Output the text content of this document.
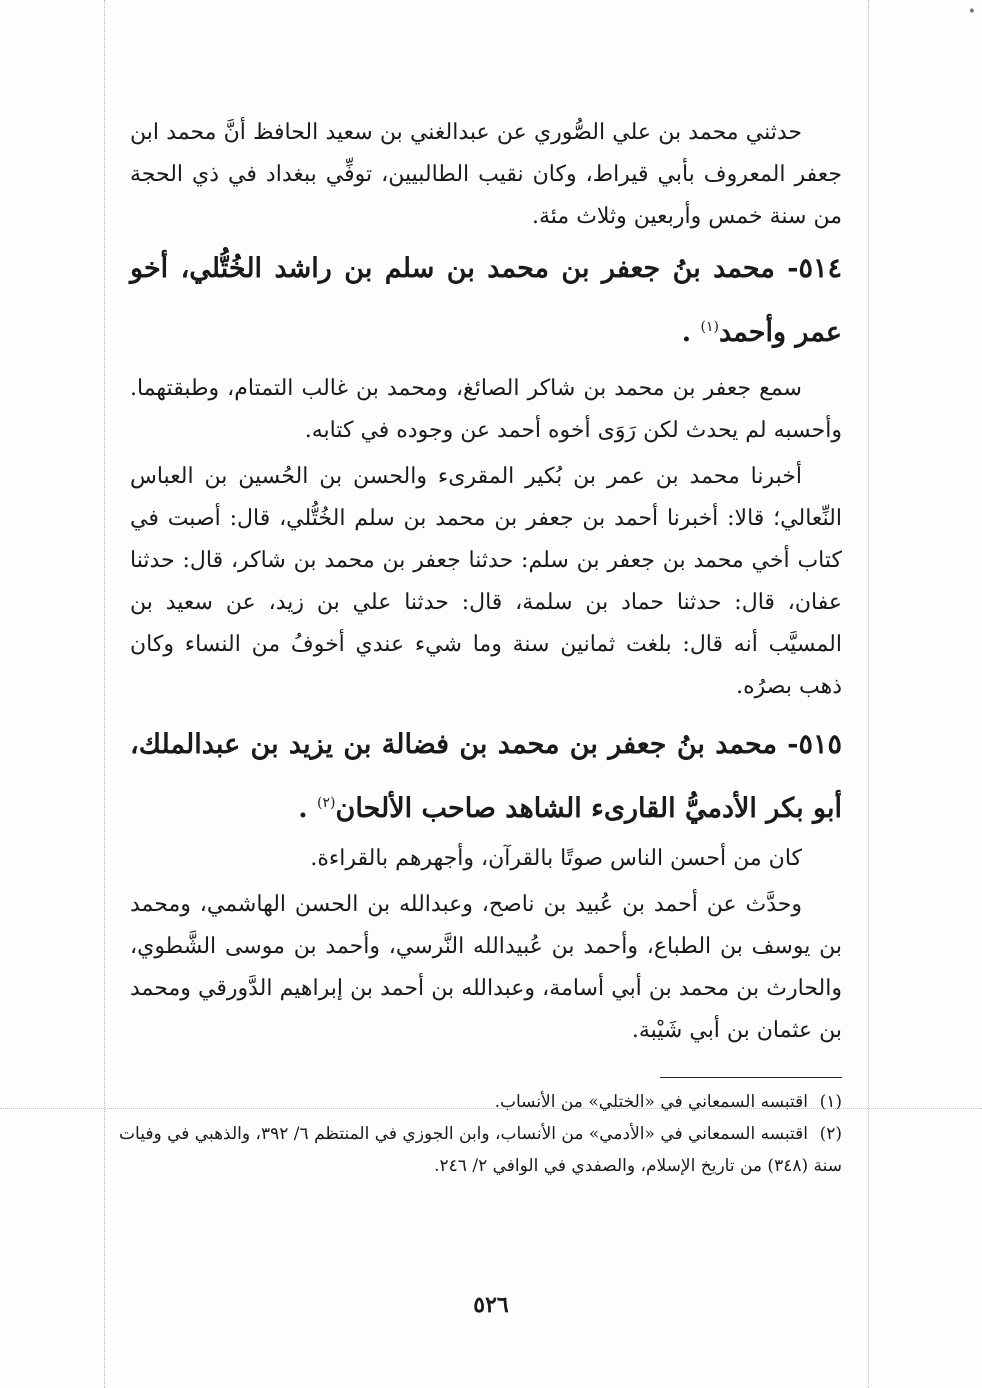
•

حدثني محمد بن علي الصُّوري عن عبدالغني بن سعيد الحافظ أنَّ محمد ابن جعفر المعروف بأبي قيراط، وكان نقيب الطالبيين، توفِّي ببغداد في ذي الحجة من سنة خمس وأربعين وثلاث مئة.

٥١٤- محمد بنُ جعفر بن محمد بن سلم بن راشد الخُتُّلي، أخو عمر وأحمد$^{(١)}$ .

سمع جعفر بن محمد بن شاكر الصائغ، ومحمد بن غالب التمتام، وطبقتهما. وأحسبه لم يحدث لكن رَوَى أخوه أحمد عن وجوده في كتابه.

أخبرنا محمد بن عمر بن بُكير المقرىء والحسن بن الحُسين بن العباس النِّعالي؛ قالا: أخبرنا أحمد بن جعفر بن محمد بن سلم الخُتُّلي، قال: أصبت في كتاب أخي محمد بن جعفر بن سلم: حدثنا جعفر بن محمد بن شاكر، قال: حدثنا عفان، قال: حدثنا حماد بن سلمة، قال: حدثنا علي بن زيد، عن سعيد بن المسيَّب أنه قال: بلغت ثمانين سنة وما شيء عندي أخوفُ من النساء وكان ذهب بصرُه.

٥١٥- محمد بنُ جعفر بن محمد بن فضالة بن يزيد بن عبدالملك، أبو بكر الأدميُّ القارىء الشاهد صاحب الألحان$^{(٢)}$ .

كان من أحسن الناس صوتًا بالقرآن، وأجهرهم بالقراءة.

وحدَّث عن أحمد بن عُبيد بن ناصح، وعبدالله بن الحسن الهاشمي، ومحمد بن يوسف بن الطباع، وأحمد بن عُبيدالله النَّرسي، وأحمد بن موسى الشَّطوي، والحارث بن محمد بن أبي أسامة، وعبدالله بن أحمد بن إبراهيم الدَّورقي ومحمد بن عثمان بن أبي شَيْبة.

(١)اقتبسه السمعاني في «الختلي» من الأنساب.

(٢)اقتبسه السمعاني في «الأدمي» من الأنساب، وابن الجوزي في المنتظم ٦/ ٣٩٢، والذهبي في وفيات سنة (٣٤٨) من تاريخ الإسلام، والصفدي في الوافي ٢/ ٢٤٦.

٥٢٦
